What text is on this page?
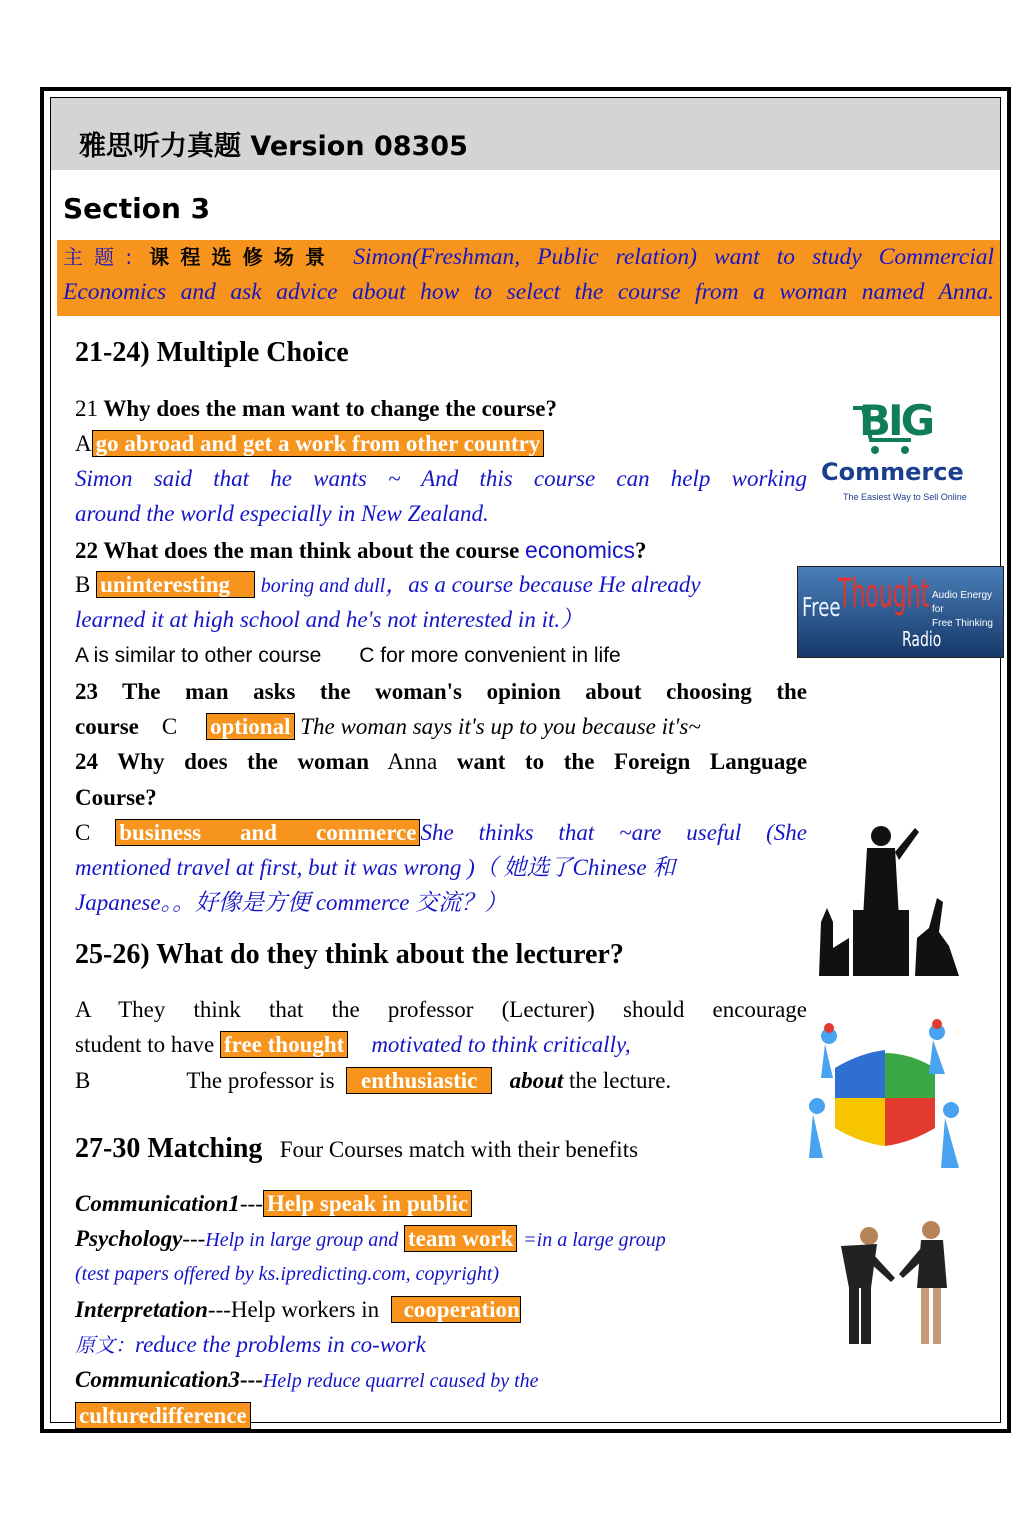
雅思听力真题 Version 08305
Section 3
主题: 课程选修场景 Simon(Freshman, Public relation) want to study Commercial
Economics and ask advice about how to select the course from a woman named Anna.
21-24) Multiple Choice
21 Why does the man want to change the course?
A go abroad and get a work from other country
Simon said that he wants ~ And this course can help working
around the world especially in New Zealand.
22 What does the man think about the course economics?
B uninteresting boring and dull，as a course because He already
learned it at high school and he's not interested in it.）
A is similar to other course C for more convenient in life
23 The man asks the woman's opinion about choosing the
course C optional The woman says it's up to you because it's~
24 Why does the woman Anna want to the Foreign Language
Course?
C business and commerce She thinks that ~are useful (She
mentioned travel at first, but it was wrong )（ 她选了Chinese 和
Japanese。。好像是方便 commerce 交流？）
25-26) What do they think about the lecturer?
A They think that the professor (Lecturer) should encourage
student to have free thought motivated to think critically,
B	The professor is enthusiastic about the lecture.
27-30 Matching Four Courses match with their benefits
Communication1--- Help speak in public
Psychology---Help in large group and team work =in a large group
(test papers offered by ks.ipredicting.com, copyright)
Interpretation---Help workers in cooperation
原文：reduce the problems in co-work
Communication3---Help reduce quarrel caused by the
culturedifference
BIG
Commerce
The Easiest Way to Sell Online
Free
Thought
Radio
Audio Energy for
Free Thinking
